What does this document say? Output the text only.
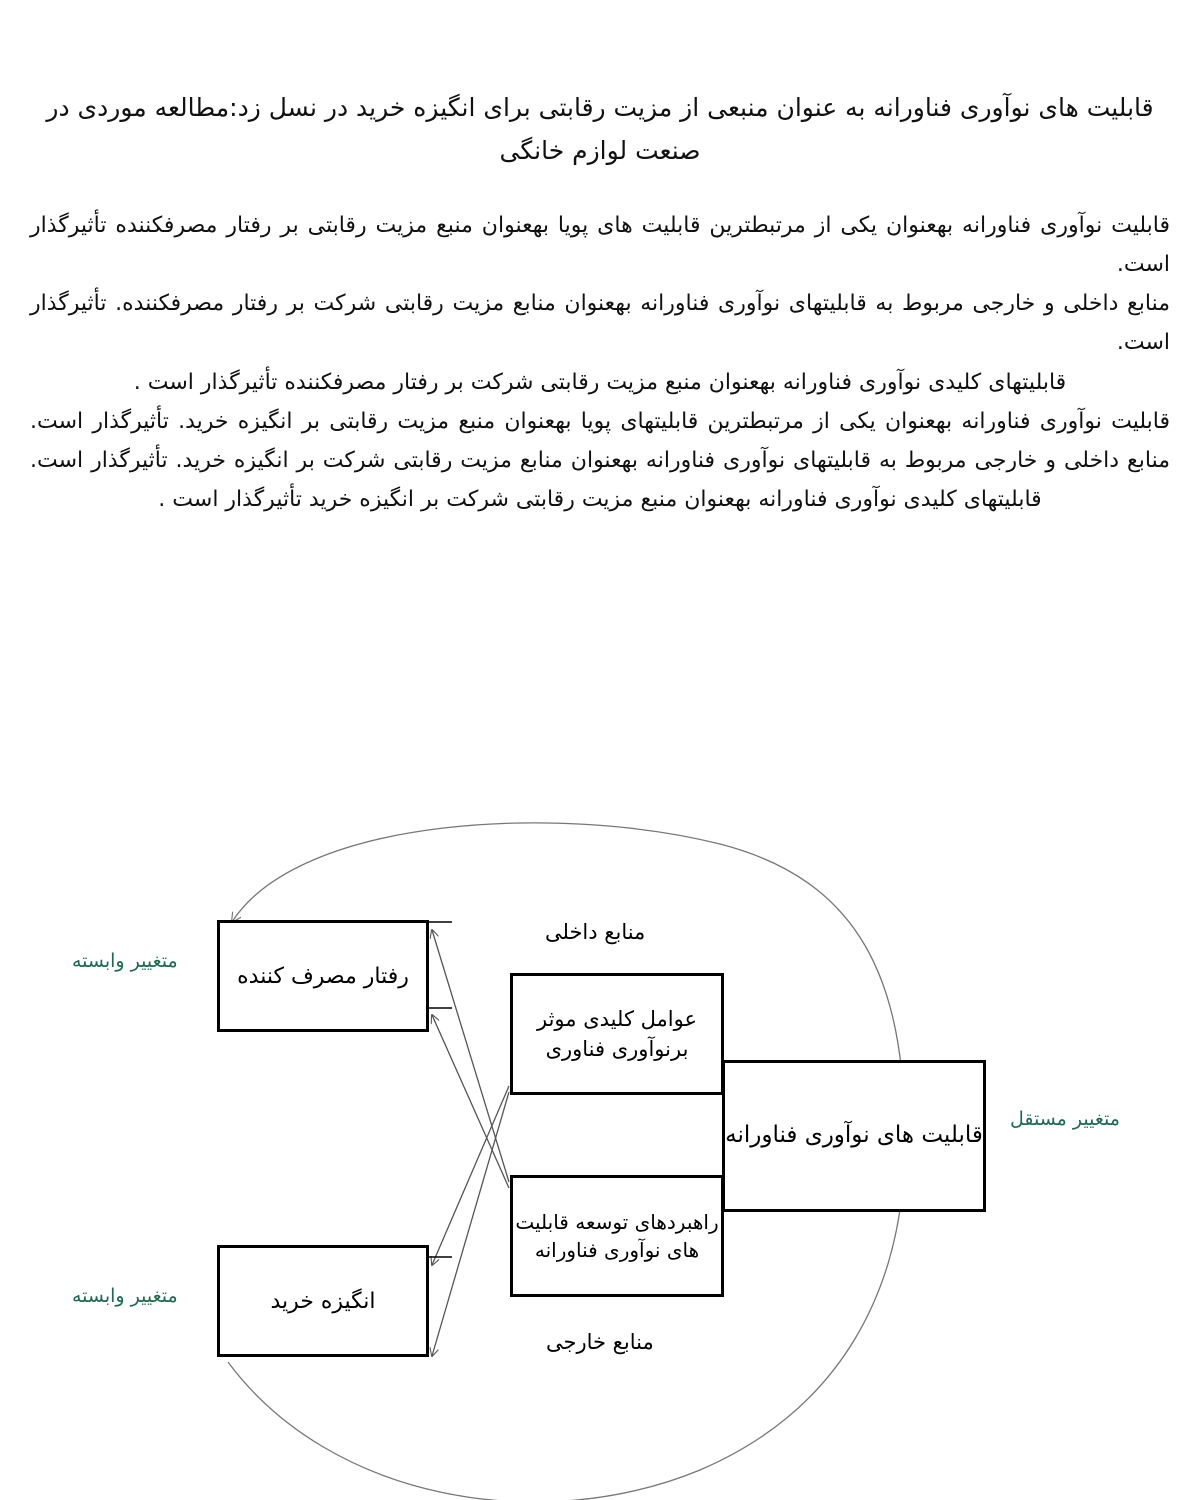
قابلیت های نوآوری فناورانه به عنوان منبعی از مزیت رقابتی برای انگیزه خرید در نسل زد:مطالعه موردی در صنعت لوازم خانگی

قابلیت نوآوری فناورانه بهعنوان یکی از مرتبطترین قابلیت های پویا بهعنوان منبع مزیت رقابتی بر رفتار مصرفکننده تأثیرگذار است.

منابع داخلی و خارجی مربوط به قابلیتهای نوآوری فناورانه بهعنوان منابع مزیت رقابتی شرکت بر رفتار مصرفکننده. تأثیرگذار است.

قابلیتهای کلیدی نوآوری فناورانه بهعنوان منبع مزیت رقابتی شرکت بر رفتار مصرفکننده تأثیرگذار است .

قابلیت نوآوری فناورانه بهعنوان یکی از مرتبطترین قابلیتهای پویا بهعنوان منبع مزیت رقابتی بر انگیزه خرید. تأثیرگذار است.

منابع داخلی و خارجی مربوط به قابلیتهای نوآوری فناورانه بهعنوان منابع مزیت رقابتی شرکت بر انگیزه خرید. تأثیرگذار است.

قابلیتهای کلیدی نوآوری فناورانه بهعنوان منبع مزیت رقابتی شرکت بر انگیزه خرید تأثیرگذار است .

رفتار مصرف کننده
عوامل کلیدی موثر برنوآوری فناوری
راهبردهای توسعه قابلیت های نوآوری فناورانه
قابلیت های نوآوری فناورانه
انگیزه خرید
منابع داخلی
منابع خارجی
متغییر وابسته
متغییر وابسته
متغییر مستقل
